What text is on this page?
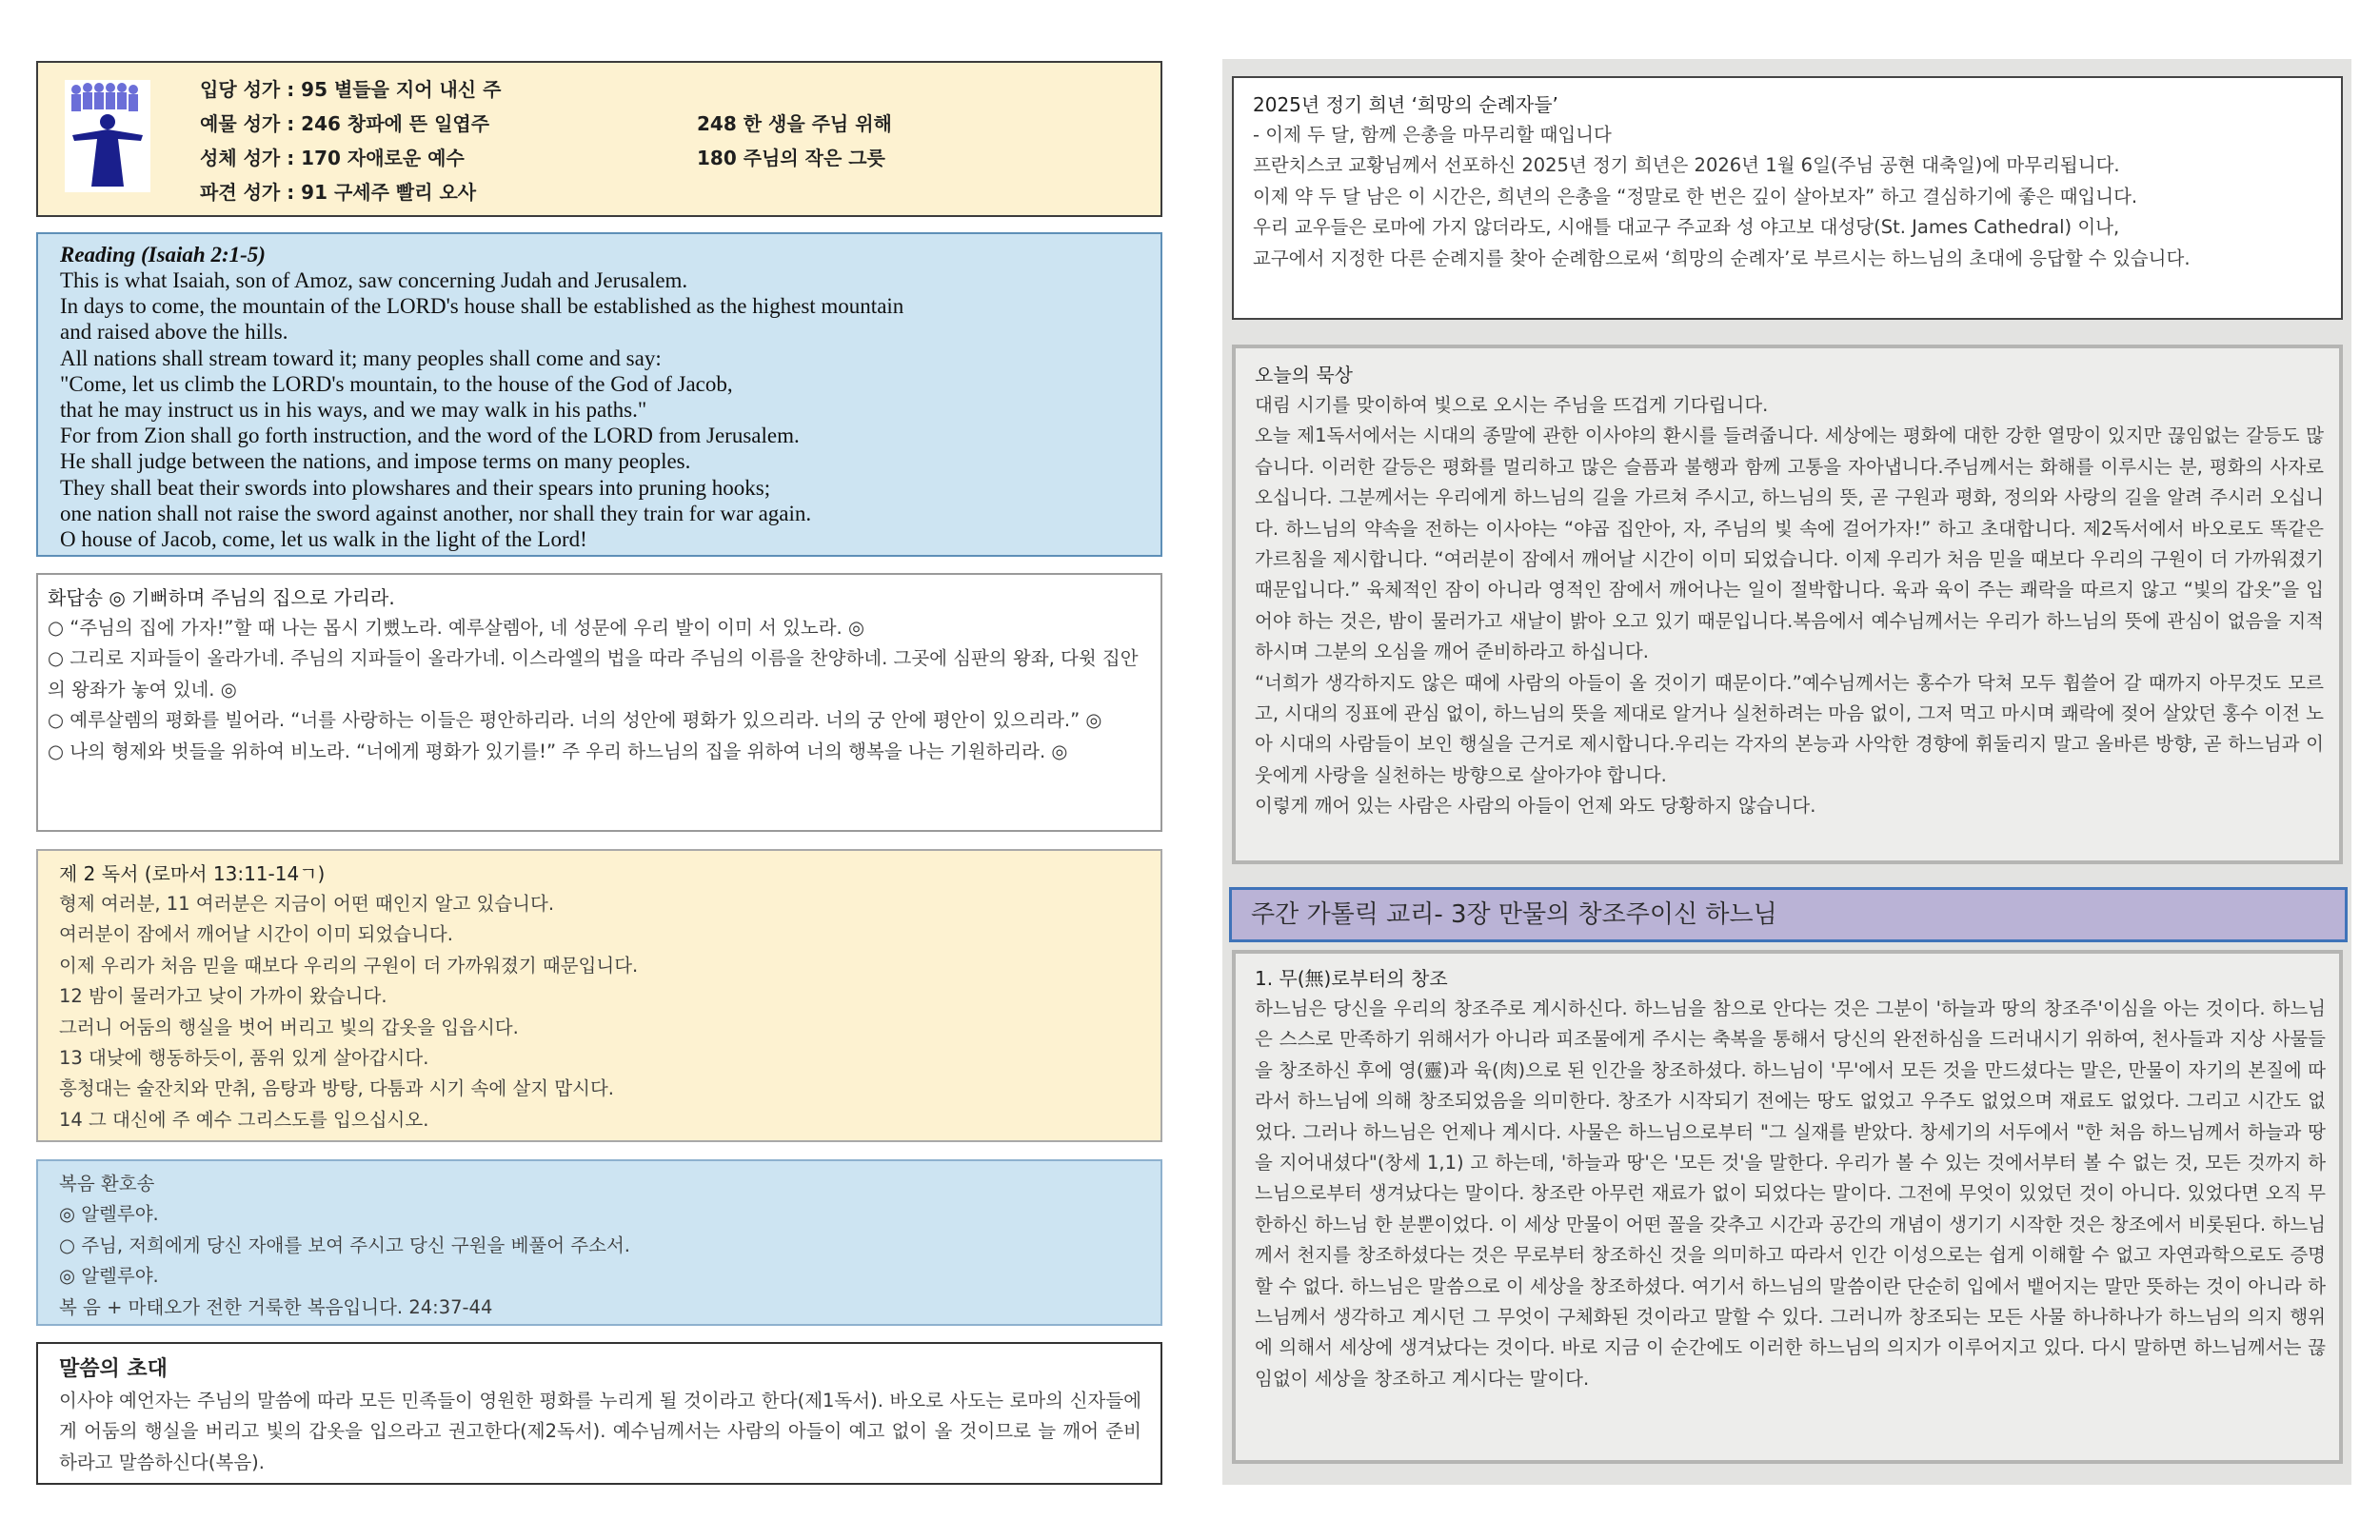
입당 성가 : 95 별들을 지어 내신 주
예물 성가 : 246 창파에 뜬 일엽주	248 한 생을 주님 위해
성체 성가 : 170 자애로운 예수	180 주님의 작은 그릇
파견 성가 : 91 구세주 빨리 오사

Reading (Isaiah 2:1-5)

This is what Isaiah, son of Amoz, saw concerning Judah and Jerusalem.

In days to come, the mountain of the LORD's house shall be established as the highest mountain

and raised above the hills.

All nations shall stream toward it; many peoples shall come and say:

"Come, let us climb the LORD's mountain, to the house of the God of Jacob,

that he may instruct us in his ways, and we may walk in his paths."

For from Zion shall go forth instruction, and the word of the LORD from Jerusalem.

He shall judge between the nations, and impose terms on many peoples.

They shall beat their swords into plowshares and their spears into pruning hooks;

one nation shall not raise the sword against another, nor shall they train for war again.

O house of Jacob, come, let us walk in the light of the Lord!

화답송 ◎ 기뻐하며 주님의 집으로 가리라.

○ “주님의 집에 가자!”할 때 나는 몹시 기뻤노라. 예루살렘아, 네 성문에 우리 발이 이미 서 있노라. ◎

○ 그리로 지파들이 올라가네. 주님의 지파들이 올라가네. 이스라엘의 법을 따라 주님의 이름을 찬양하네. 그곳에 심판의 왕좌, 다윗 집안의 왕좌가 놓여 있네. ◎

○ 예루살렘의 평화를 빌어라. “너를 사랑하는 이들은 평안하리라. 너의 성안에 평화가 있으리라. 너의 궁 안에 평안이 있으리라.” ◎

○ 나의 형제와 벗들을 위하여 비노라. “너에게 평화가 있기를!” 주 우리 하느님의 집을 위하여 너의 행복을 나는 기원하리라. ◎

제 2 독서 (로마서 13:11-14ㄱ)

형제 여러분, 11 여러분은 지금이 어떤 때인지 알고 있습니다.

여러분이 잠에서 깨어날 시간이 이미 되었습니다.

이제 우리가 처음 믿을 때보다 우리의 구원이 더 가까워졌기 때문입니다.

12 밤이 물러가고 낮이 가까이 왔습니다.

그러니 어둠의 행실을 벗어 버리고 빛의 갑옷을 입읍시다.

13 대낮에 행동하듯이, 품위 있게 살아갑시다.

흥청대는 술잔치와 만취, 음탕과 방탕, 다툼과 시기 속에 살지 맙시다.

14 그 대신에 주 예수 그리스도를 입으십시오.

복음 환호송

◎ 알렐루야.

○ 주님, 저희에게 당신 자애를 보여 주시고 당신 구원을 베풀어 주소서.

◎ 알렐루야.

복 음 + 마태오가 전한 거룩한 복음입니다. 24:37-44

말씀의 초대

이사야 예언자는 주님의 말씀에 따라 모든 민족들이 영원한 평화를 누리게 될 것이라고 한다(제1독서). 바오로 사도는 로마의 신자들에게 어둠의 행실을 버리고 빛의 갑옷을 입으라고 권고한다(제2독서). 예수님께서는 사람의 아들이 예고 없이 올 것이므로 늘 깨어 준비하라고 말씀하신다(복음).

2025년 정기 희년 ‘희망의 순례자들’

- 이제 두 달, 함께 은총을 마무리할 때입니다

프란치스코 교황님께서 선포하신 2025년 정기 희년은 2026년 1월 6일(주님 공현 대축일)에 마무리됩니다.

이제 약 두 달 남은 이 시간은, 희년의 은총을 “정말로 한 번은 깊이 살아보자” 하고 결심하기에 좋은 때입니다.

우리 교우들은 로마에 가지 않더라도, 시애틀 대교구 주교좌 성 야고보 대성당(St. James Cathedral) 이나,

교구에서 지정한 다른 순례지를 찾아 순례함으로써 ‘희망의 순례자’로 부르시는 하느님의 초대에 응답할 수 있습니다.

오늘의 묵상

대림 시기를 맞이하여 빛으로 오시는 주님을 뜨겁게 기다립니다.

오늘 제1독서에서는 시대의 종말에 관한 이사야의 환시를 들려줍니다. 세상에는 평화에 대한 강한 열망이 있지만 끊임없는 갈등도 많습니다. 이러한 갈등은 평화를 멀리하고 많은 슬픔과 불행과 함께 고통을 자아냅니다.주님께서는 화해를 이루시는 분, 평화의 사자로 오십니다. 그분께서는 우리에게 하느님의 길을 가르쳐 주시고, 하느님의 뜻, 곧 구원과 평화, 정의와 사랑의 길을 알려 주시러 오십니다. 하느님의 약속을 전하는 이사야는 “야곱 집안아, 자, 주님의 빛 속에 걸어가자!” 하고 초대합니다. 제2독서에서 바오로도 똑같은 가르침을 제시합니다. “여러분이 잠에서 깨어날 시간이 이미 되었습니다. 이제 우리가 처음 믿을 때보다 우리의 구원이 더 가까워졌기 때문입니다.” 육체적인 잠이 아니라 영적인 잠에서 깨어나는 일이 절박합니다. 육과 육이 주는 쾌락을 따르지 않고 “빛의 갑옷”을 입어야 하는 것은, 밤이 물러가고 새날이 밝아 오고 있기 때문입니다.복음에서 예수님께서는 우리가 하느님의 뜻에 관심이 없음을 지적하시며 그분의 오심을 깨어 준비하라고 하십니다.

“너희가 생각하지도 않은 때에 사람의 아들이 올 것이기 때문이다.”예수님께서는 홍수가 닥쳐 모두 휩쓸어 갈 때까지 아무것도 모르고, 시대의 징표에 관심 없이, 하느님의 뜻을 제대로 알거나 실천하려는 마음 없이, 그저 먹고 마시며 쾌락에 젖어 살았던 홍수 이전 노아 시대의 사람들이 보인 행실을 근거로 제시합니다.우리는 각자의 본능과 사악한 경향에 휘둘리지 말고 올바른 방향, 곧 하느님과 이웃에게 사랑을 실천하는 방향으로 살아가야 합니다.

이렇게 깨어 있는 사람은 사람의 아들이 언제 와도 당황하지 않습니다.

주간 가톨릭 교리- 3장 만물의 창조주이신 하느님

1. 무(無)로부터의 창조

하느님은 당신을 우리의 창조주로 계시하신다. 하느님을 참으로 안다는 것은 그분이 '하늘과 땅의 창조주'이심을 아는 것이다. 하느님은 스스로 만족하기 위해서가 아니라 피조물에게 주시는 축복을 통해서 당신의 완전하심을 드러내시기 위하여, 천사들과 지상 사물들을 창조하신 후에 영(靈)과 육(肉)으로 된 인간을 창조하셨다. 하느님이 '무'에서 모든 것을 만드셨다는 말은, 만물이 자기의 본질에 따라서 하느님에 의해 창조되었음을 의미한다. 창조가 시작되기 전에는 땅도 없었고 우주도 없었으며 재료도 없었다. 그리고 시간도 없었다. 그러나 하느님은 언제나 계시다. 사물은 하느님으로부터 "그 실재를 받았다. 창세기의 서두에서 "한 처음 하느님께서 하늘과 땅을 지어내셨다"(창세 1,1) 고 하는데, '하늘과 땅'은 '모든 것'을 말한다. 우리가 볼 수 있는 것에서부터 볼 수 없는 것, 모든 것까지 하느님으로부터 생겨났다는 말이다. 창조란 아무런 재료가 없이 되었다는 말이다. 그전에 무엇이 있었던 것이 아니다. 있었다면 오직 무한하신 하느님 한 분뿐이었다. 이 세상 만물이 어떤 꼴을 갖추고 시간과 공간의 개념이 생기기 시작한 것은 창조에서 비롯된다. 하느님께서 천지를 창조하셨다는 것은 무로부터 창조하신 것을 의미하고 따라서 인간 이성으로는 쉽게 이해할 수 없고 자연과학으로도 증명할 수 없다. 하느님은 말씀으로 이 세상을 창조하셨다. 여기서 하느님의 말씀이란 단순히 입에서 뱉어지는 말만 뜻하는 것이 아니라 하느님께서 생각하고 계시던 그 무엇이 구체화된 것이라고 말할 수 있다. 그러니까 창조되는 모든 사물 하나하나가 하느님의 의지 행위에 의해서 세상에 생겨났다는 것이다. 바로 지금 이 순간에도 이러한 하느님의 의지가 이루어지고 있다. 다시 말하면 하느님께서는 끊임없이 세상을 창조하고 계시다는 말이다.
